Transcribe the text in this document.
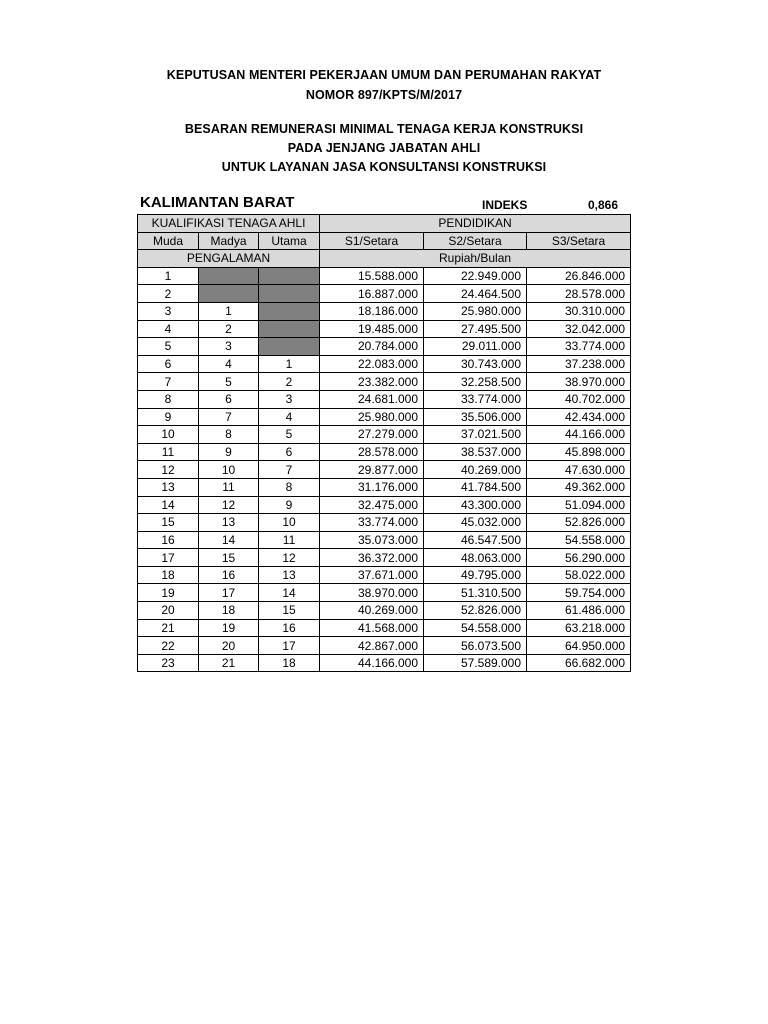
KEPUTUSAN MENTERI PEKERJAAN UMUM DAN PERUMAHAN RAKYAT
NOMOR 897/KPTS/M/2017
BESARAN REMUNERASI MINIMAL TENAGA KERJA KONSTRUKSI
PADA JENJANG JABATAN AHLI
UNTUK LAYANAN JASA KONSULTANSI KONSTRUKSI
KALIMANTAN BARAT	INDEKS	0,866
KUALIFIKASI TENAGA AHLI			PENDIDIKAN		
Muda	Madya	Utama	S1/Setara	S2/Setara	S3/Setara
PENGALAMAN			Rupiah/Bulan		
1			15.588.000	22.949.000	26.846.000
2			16.887.000	24.464.500	28.578.000
3	1		18.186.000	25.980.000	30.310.000
4	2		19.485.000	27.495.500	32.042.000
5	3		20.784.000	29.011.000	33.774.000
6	4	1	22.083.000	30.743.000	37.238.000
7	5	2	23.382.000	32.258.500	38.970.000
8	6	3	24.681.000	33.774.000	40.702.000
9	7	4	25.980.000	35.506.000	42.434.000
10	8	5	27.279.000	37.021.500	44.166.000
11	9	6	28.578.000	38.537.000	45.898.000
12	10	7	29.877.000	40.269.000	47.630.000
13	11	8	31.176.000	41.784.500	49.362.000
14	12	9	32.475.000	43.300.000	51.094.000
15	13	10	33.774.000	45.032.000	52.826.000
16	14	11	35.073.000	46.547.500	54.558.000
17	15	12	36.372.000	48.063.000	56.290.000
18	16	13	37.671.000	49.795.000	58.022.000
19	17	14	38.970.000	51.310.500	59.754.000
20	18	15	40.269.000	52.826.000	61.486.000
21	19	16	41.568.000	54.558.000	63.218.000
22	20	17	42.867.000	56.073.500	64.950.000
23	21	18	44.166.000	57.589.000	66.682.000
